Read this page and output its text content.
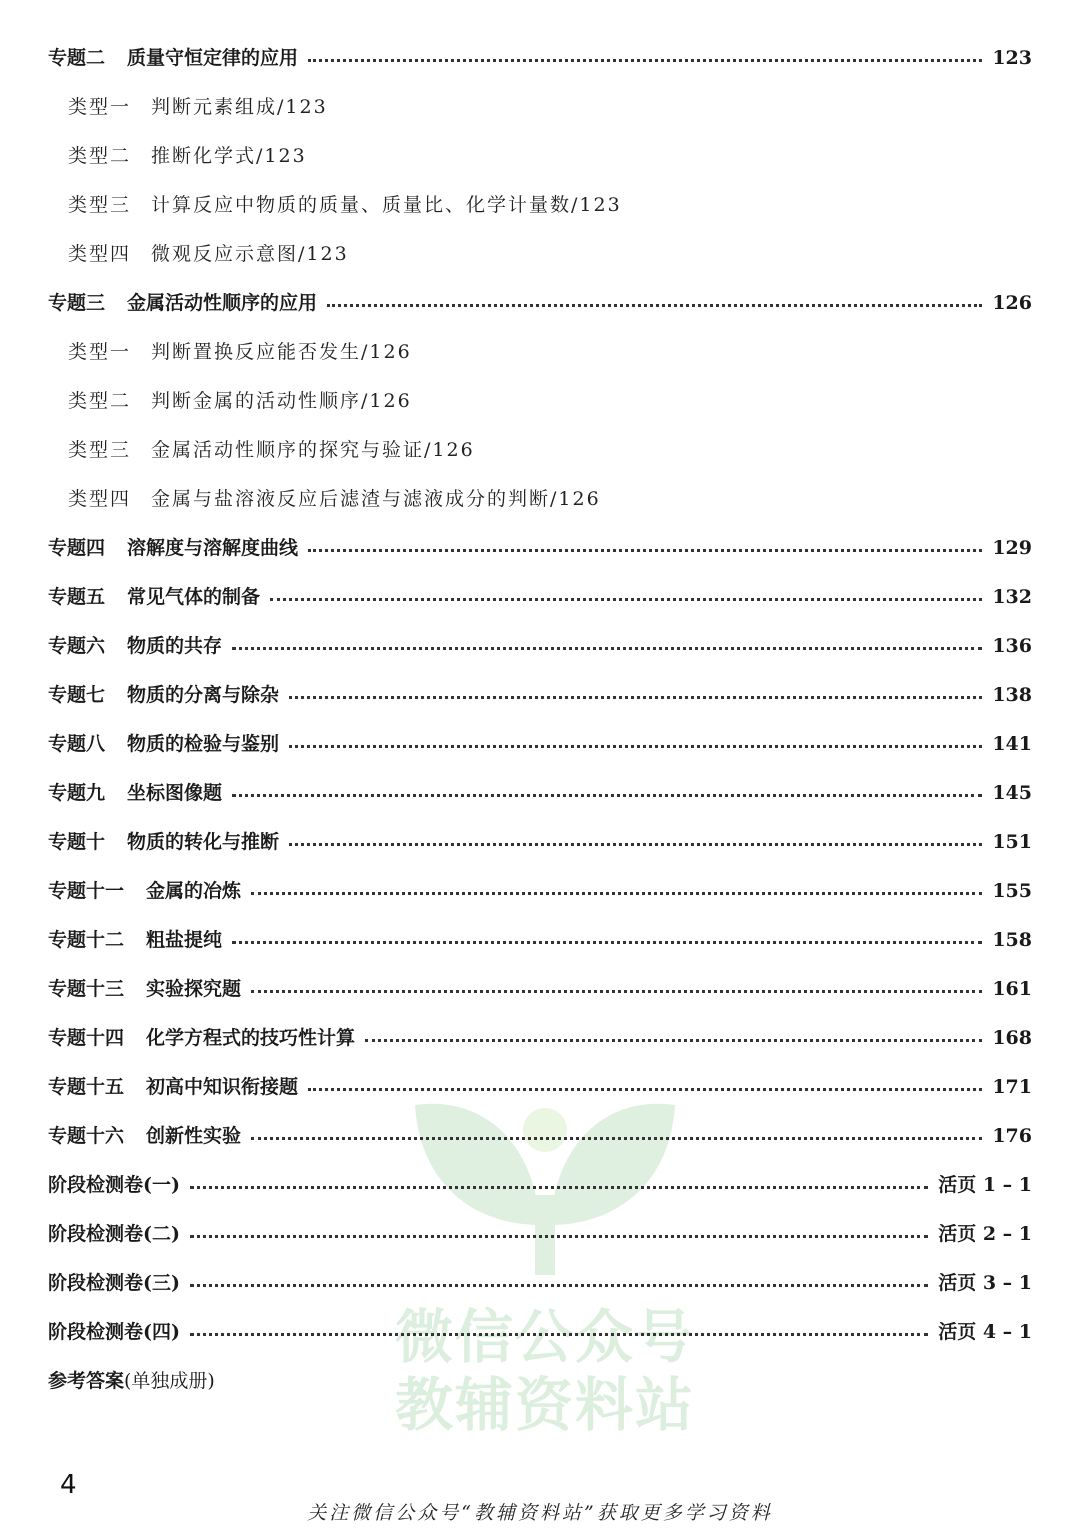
微信公众号
教辅资料站
专题二 质量守恒定律的应用	123
类型一 判断元素组成/123
类型二 推断化学式/123
类型三 计算反应中物质的质量、质量比、化学计量数/123
类型四 微观反应示意图/123
专题三 金属活动性顺序的应用	126
类型一 判断置换反应能否发生/126
类型二 判断金属的活动性顺序/126
类型三 金属活动性顺序的探究与验证/126
类型四 金属与盐溶液反应后滤渣与滤液成分的判断/126
专题四 溶解度与溶解度曲线	129
专题五 常见气体的制备	132
专题六 物质的共存	136
专题七 物质的分离与除杂	138
专题八 物质的检验与鉴别	141
专题九 坐标图像题	145
专题十 物质的转化与推断	151
专题十一 金属的冶炼	155
专题十二 粗盐提纯	158
专题十三 实验探究题	161
专题十四 化学方程式的技巧性计算	168
专题十五 初高中知识衔接题	171
专题十六 创新性实验	176
阶段检测卷(一)	活页 1 – 1
阶段检测卷(二)	活页 2 – 1
阶段检测卷(三)	活页 3 – 1
阶段检测卷(四)	活页 4 – 1
参考答案(单独成册)
4
关注微信公众号“教辅资料站”获取更多学习资料
